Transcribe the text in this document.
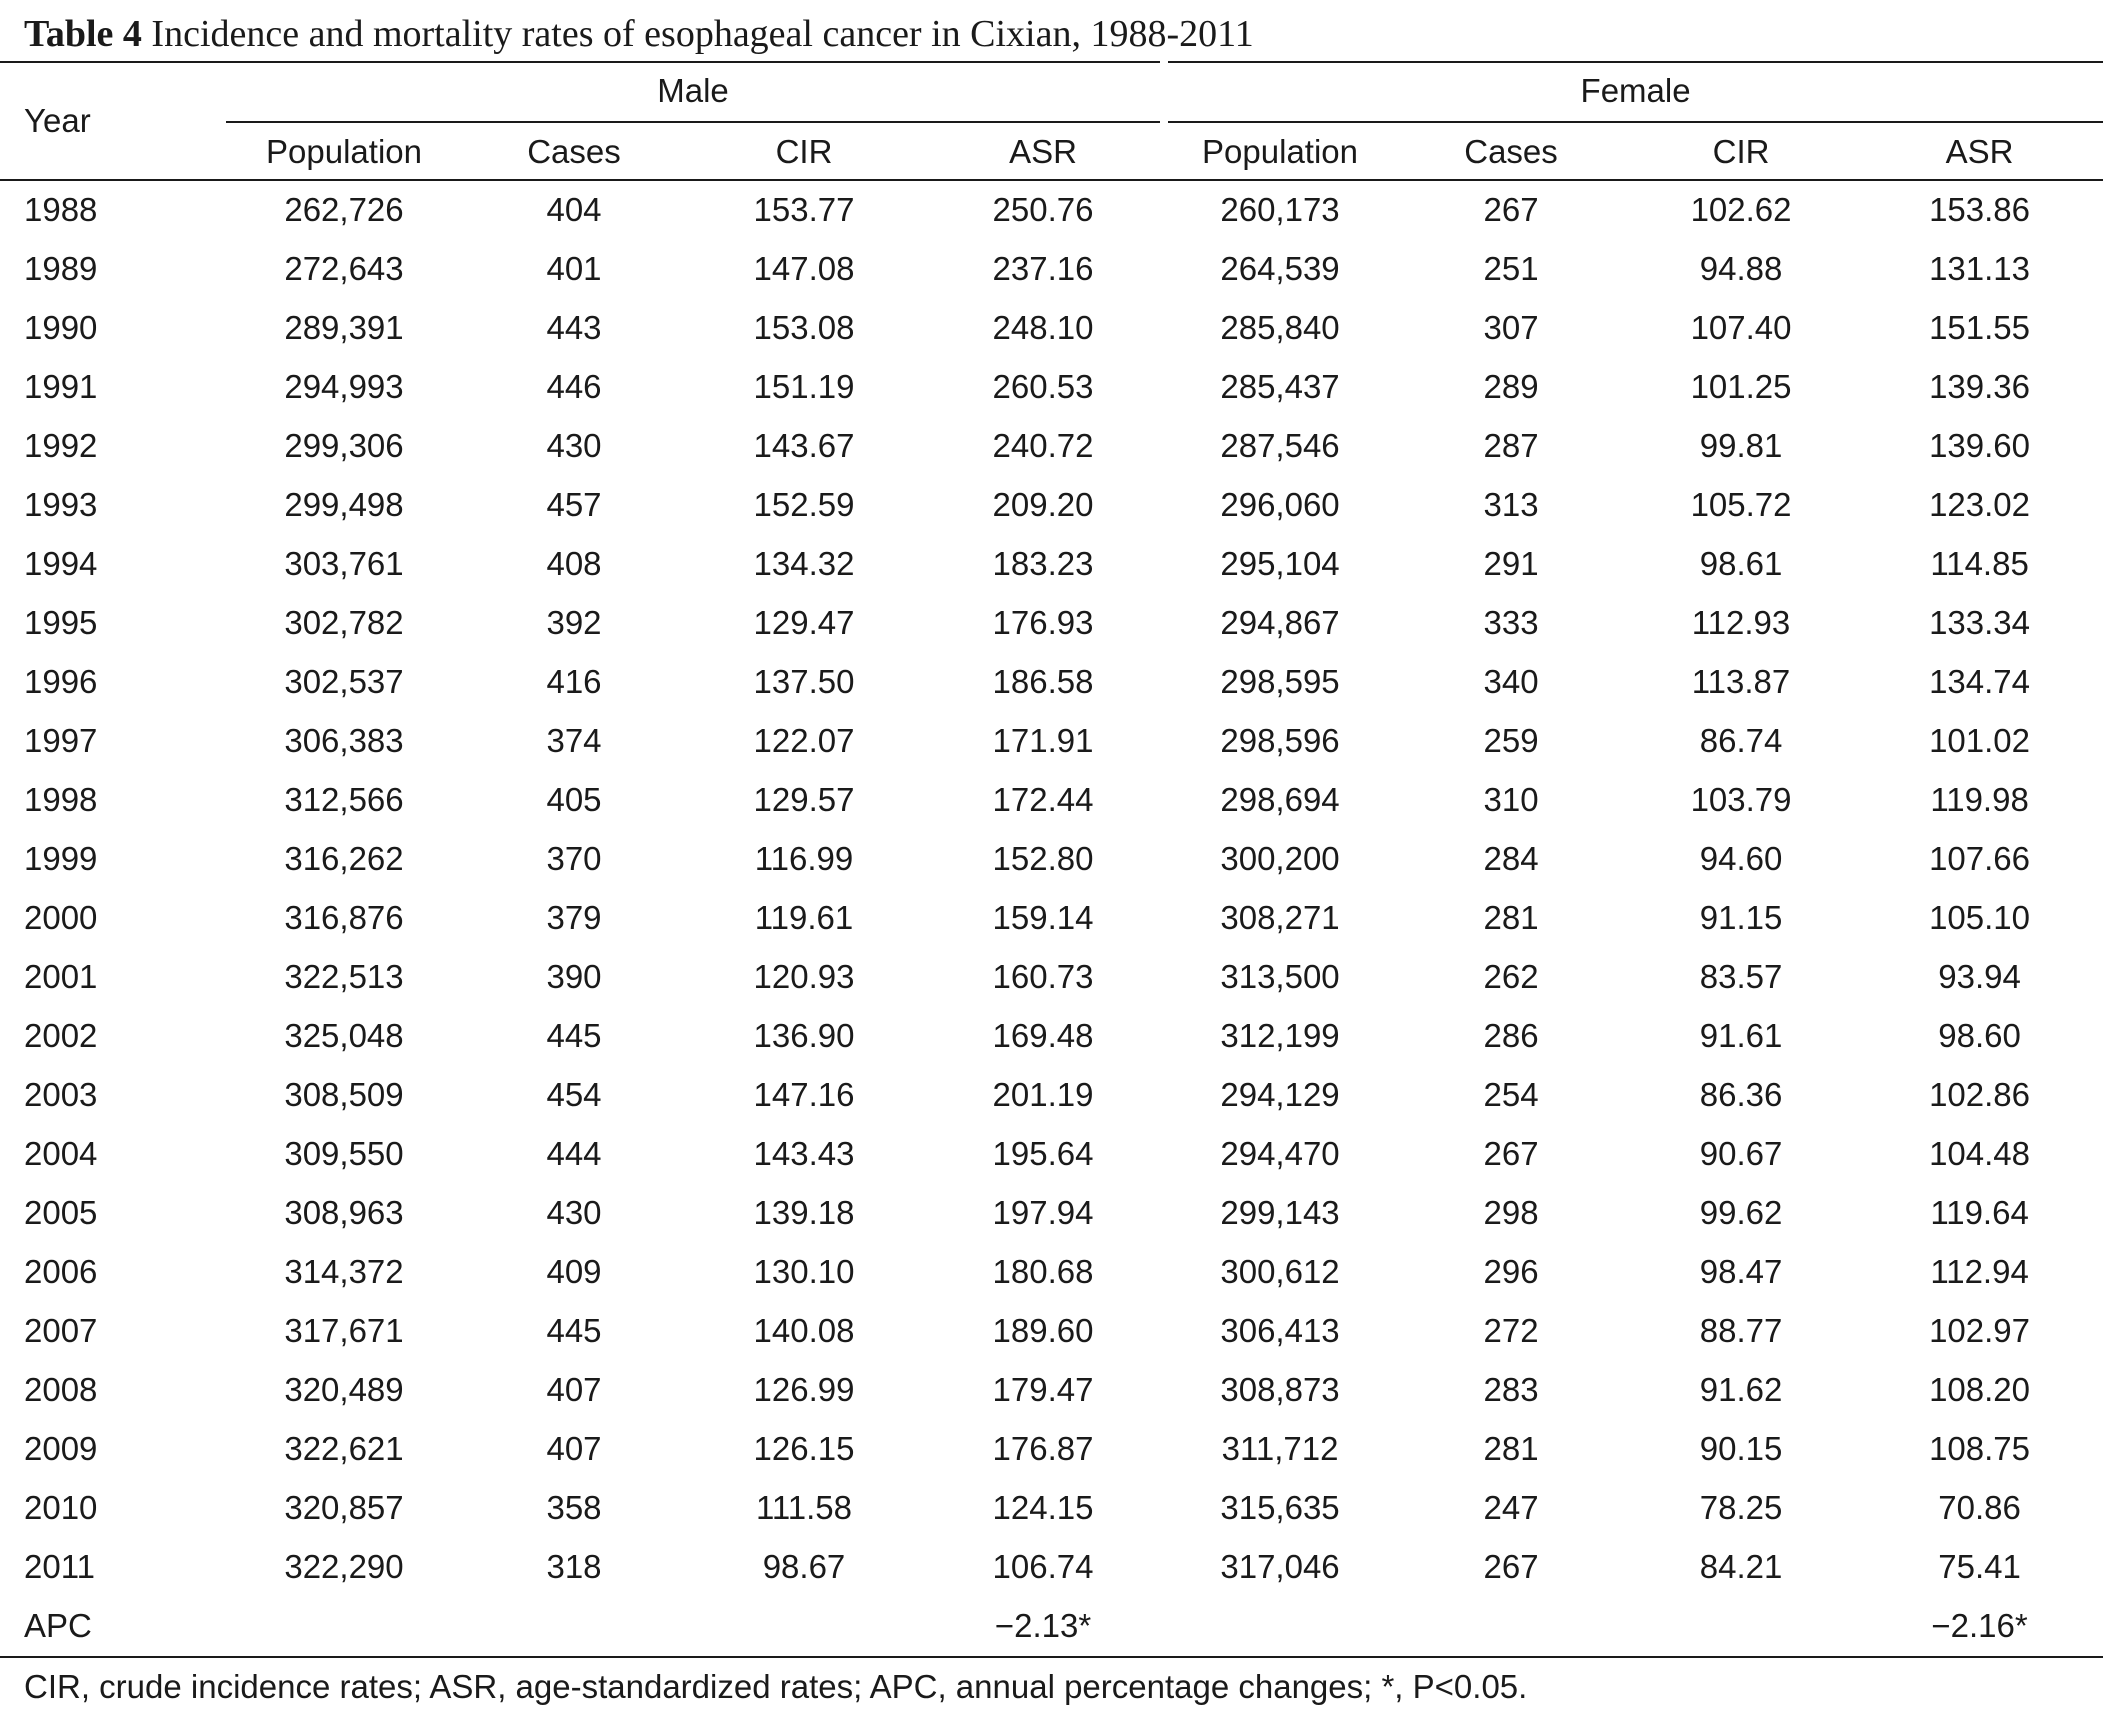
Table 4 Incidence and mortality rates of esophageal cancer in Cixian, 1988-2011
Year	Male				Female			
	Population	Cases	CIR	ASR	Population	Cases	CIR	ASR
1988	262,726	404	153.77	250.76	260,173	267	102.62	153.86
1989	272,643	401	147.08	237.16	264,539	251	94.88	131.13
1990	289,391	443	153.08	248.10	285,840	307	107.40	151.55
1991	294,993	446	151.19	260.53	285,437	289	101.25	139.36
1992	299,306	430	143.67	240.72	287,546	287	99.81	139.60
1993	299,498	457	152.59	209.20	296,060	313	105.72	123.02
1994	303,761	408	134.32	183.23	295,104	291	98.61	114.85
1995	302,782	392	129.47	176.93	294,867	333	112.93	133.34
1996	302,537	416	137.50	186.58	298,595	340	113.87	134.74
1997	306,383	374	122.07	171.91	298,596	259	86.74	101.02
1998	312,566	405	129.57	172.44	298,694	310	103.79	119.98
1999	316,262	370	116.99	152.80	300,200	284	94.60	107.66
2000	316,876	379	119.61	159.14	308,271	281	91.15	105.10
2001	322,513	390	120.93	160.73	313,500	262	83.57	93.94
2002	325,048	445	136.90	169.48	312,199	286	91.61	98.60
2003	308,509	454	147.16	201.19	294,129	254	86.36	102.86
2004	309,550	444	143.43	195.64	294,470	267	90.67	104.48
2005	308,963	430	139.18	197.94	299,143	298	99.62	119.64
2006	314,372	409	130.10	180.68	300,612	296	98.47	112.94
2007	317,671	445	140.08	189.60	306,413	272	88.77	102.97
2008	320,489	407	126.99	179.47	308,873	283	91.62	108.20
2009	322,621	407	126.15	176.87	311,712	281	90.15	108.75
2010	320,857	358	111.58	124.15	315,635	247	78.25	70.86
2011	322,290	318	98.67	106.74	317,046	267	84.21	75.41
APC				−2.13*				−2.16*
CIR, crude incidence rates; ASR, age-standardized rates; APC, annual percentage changes; *, P<0.05.
